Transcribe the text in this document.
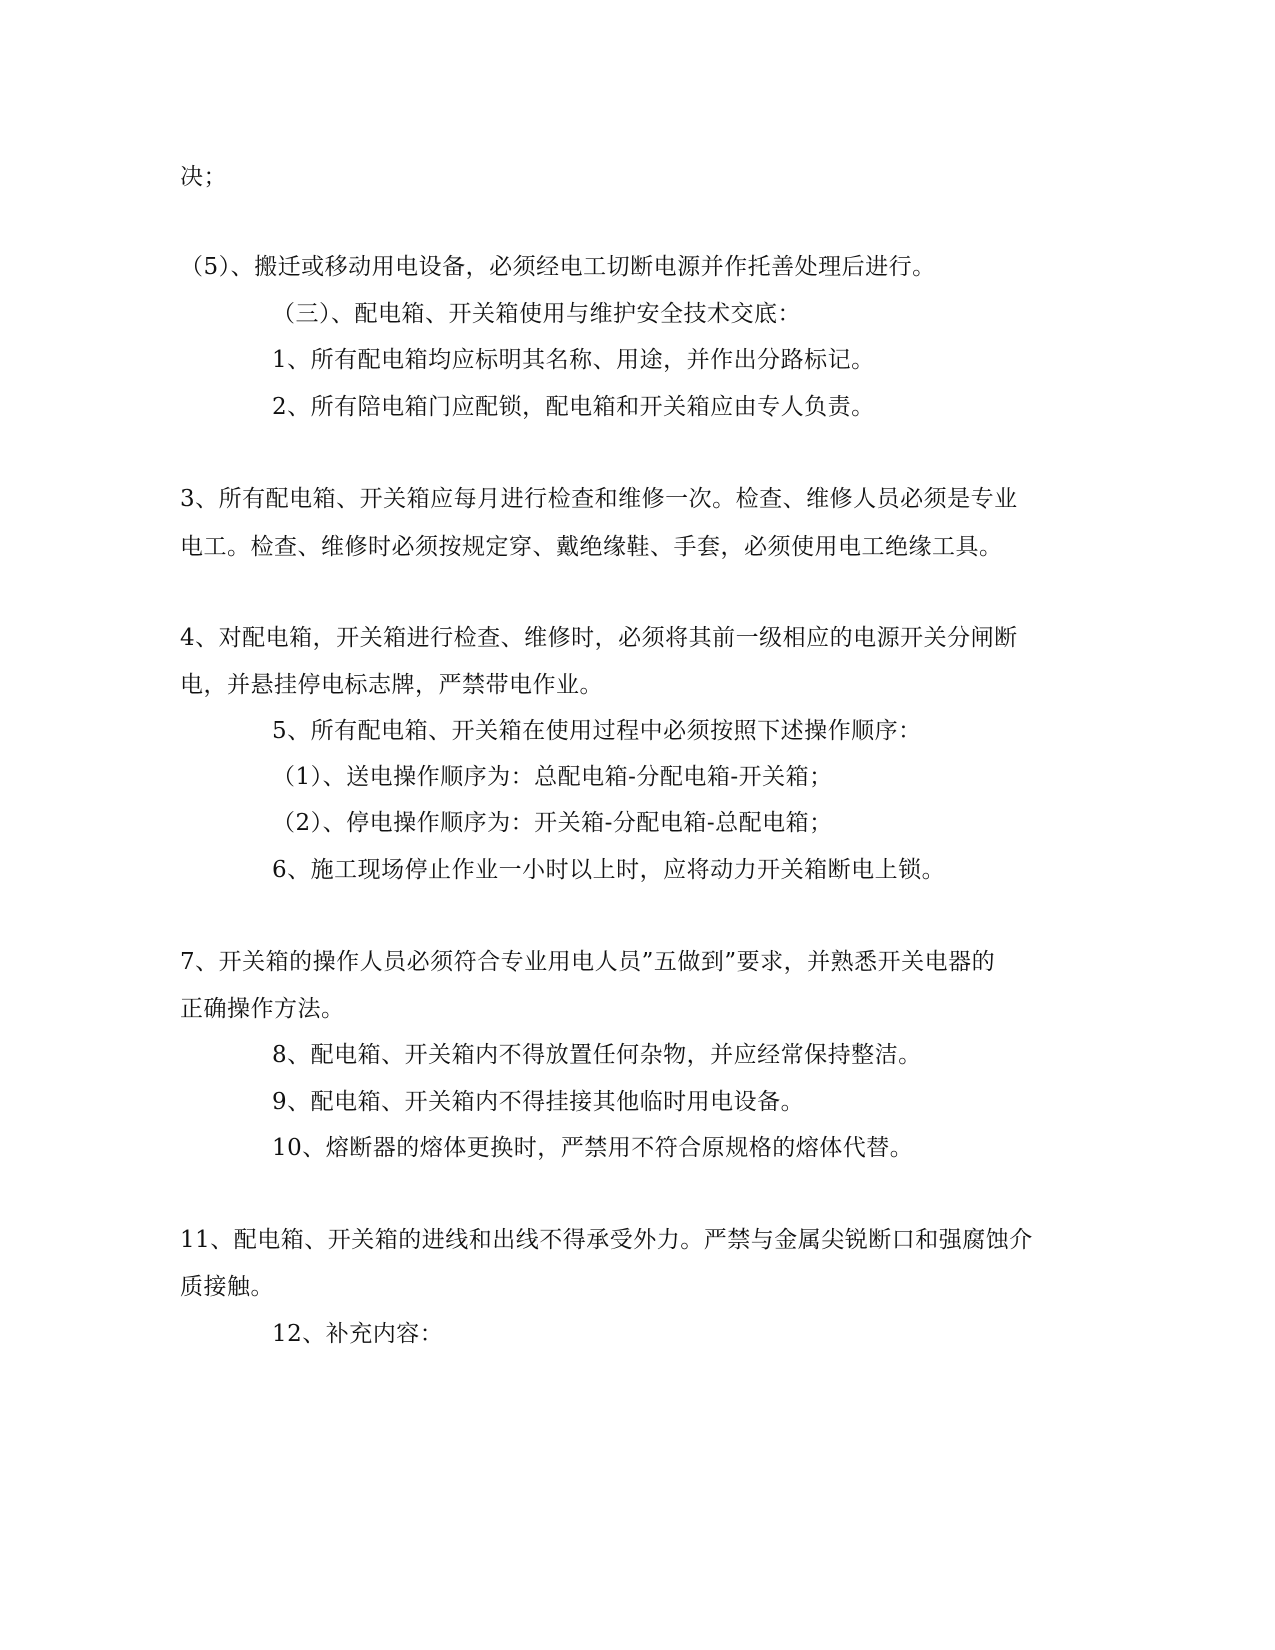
决；
（5）、搬迁或移动用电设备，必须经电工切断电源并作托善处理后进行。
（三）、配电箱、开关箱使用与维护安全技术交底：
1、所有配电箱均应标明其名称、用途，并作出分路标记。
2、所有陪电箱门应配锁，配电箱和开关箱应由专人负责。
3、所有配电箱、开关箱应每月进行检查和维修一次。检查、维修人员必须是专业
电工。检查、维修时必须按规定穿、戴绝缘鞋、手套，必须使用电工绝缘工具。
4、对配电箱，开关箱进行检查、维修时，必须将其前一级相应的电源开关分闸断
电，并悬挂停电标志牌，严禁带电作业。
5、所有配电箱、开关箱在使用过程中必须按照下述操作顺序：
（1）、送电操作顺序为：总配电箱-分配电箱-开关箱；
（2）、停电操作顺序为：开关箱-分配电箱-总配电箱；
6、施工现场停止作业一小时以上时，应将动力开关箱断电上锁。
7、开关箱的操作人员必须符合专业用电人员”五做到”要求，并熟悉开关电器的
正确操作方法。
8、配电箱、开关箱内不得放置任何杂物，并应经常保持整洁。
9、配电箱、开关箱内不得挂接其他临时用电设备。
10、熔断器的熔体更换时，严禁用不符合原规格的熔体代替。
11、配电箱、开关箱的进线和出线不得承受外力。严禁与金属尖锐断口和强腐蚀介
质接触。
12、补充内容：
